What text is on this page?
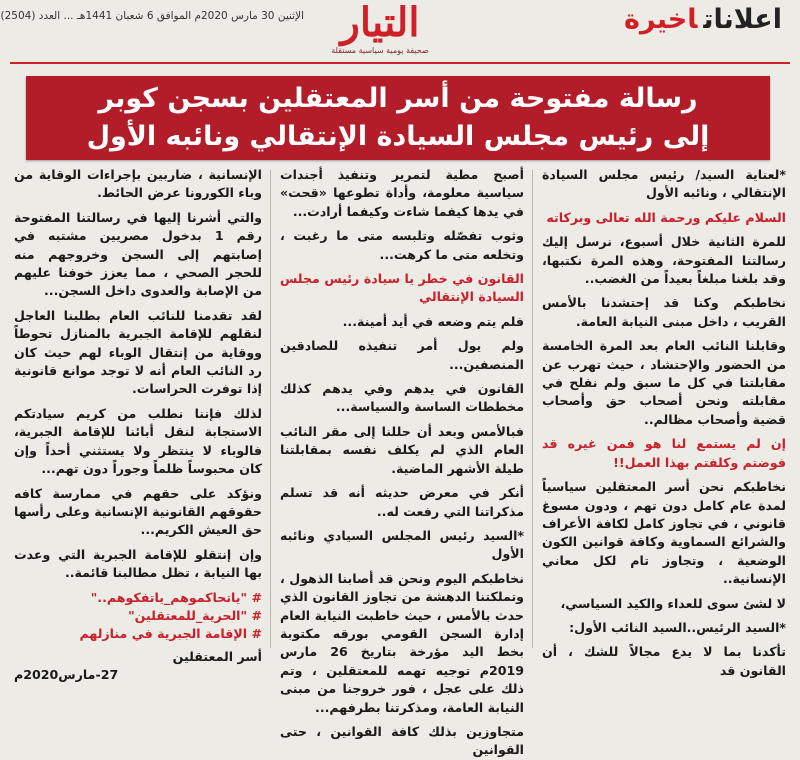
اعلاناتاخيرة
التيار
صحيفة يومية سياسية مستقلة
الإثنين 30 مارس 2020م الموافق 6 شعبان 1441هـ ... العدد (2504)
رسالة مفتوحة من أسر المعتقلين بسجن كوبر
إلى رئيس مجلس السيادة الإنتقالي ونائبه الأول

*لعناية السيد/ رئيس مجلس السيادة الإنتقالي ، ونائبه الأول

السلام عليكم ورحمة الله تعالى وبركاته

للمرة الثانية خلال أسبوع، نرسل إليك رسالتنا المفتوحة، وهذه المرة نكتبها، وقد بلغنا مبلغاً بعيداً من الغضب..

نخاطبكم وكنا قد إحتشدنا بالأمس القريب ، داخل مبنى النيابة العامة.

وقابلنا النائب العام بعد المرة الخامسة من الحضور والإحتشاد ، حيث تهرب عن مقابلتنا في كل ما سبق ولم نفلح في مقابلته ونحن أصحاب حق وأصحاب قضية وأصحاب مظالم..

إن لم يستمع لنا هو فمن غيره قد فوضتم وكلفتم بهذا العمل!!

نخاطبكم نحن أسر المعتقلين سياسياً لمدة عام كامل دون تهم ، ودون مسوغ قانوني ، في تجاوز كامل لكافة الأعراف والشرائع السماوية وكافة قوانين الكون الوضعية ، وتجاوز تام لكل معاني الإنسانية..

لا لشئ سوى للعداء والكيد السياسي،

*السيد الرئيس..السيد النائب الأول:

تأكدنا بما لا يدع مجالاً للشك ، أن القانون قد

أصبح مطية لتمرير وتنفيذ أجندات سياسية معلومة، وأداة تطوعها «قحت» في يدها كيفما شاءت وكيفما أرادت...

وثوب تفصّله وتلبسه متى ما رغبت ، وتخلعه متى ما كرهت...

القانون في خطر يا سيادة رئيس مجلس السيادة الإنتقالي

فلم يتم وضعه في أيد أمينة...

ولم يول أمر تنفيذه للصادقين المنصفين...

القانون في يدهم وفي يدهم كذلك مخططات الساسة والسياسة...

فبالأمس وبعد أن حللنا إلى مقر النائب العام الذي لم يكلف نفسه بمقابلتنا طيلة الأشهر الماضية.

أنكر في معرض حديثه أنه قد تسلم مذكراتنا التي رفعت له..

*السيد رئيس المجلس السيادي ونائبه الأول

نخاطبكم اليوم ونحن قد أصابنا الذهول ، وتملكتنا الدهشة من تجاوز القانون الذي حدث بالأمس ، حيث خاطبت النيابة العام إدارة السجن القومي بورقه مكتوبة بخط اليد مؤرخة بتاريخ 26 مارس 2019م توجيه تهمه للمعتقلين ، وتم ذلك على عجل ، فور خروجنا من مبنى النيابة العامة، ومذكرتنا بطرفهم...

متجاوزين بذلك كافة القوانين ، حتى القوانين

الإنسانية ، ضاربين بإجراءات الوقاية من وباء الكورونا عرض الحائط.

والتي أشرنا إليها في رسالتنا المفتوحة رقم 1 بدخول مصريين مشتبه في إصابتهم إلى السجن وخروجهم منه للحجر الصحي ، مما يعزز خوفنا عليهم من الإصابة والعدوى داخل السجن...

لقد تقدمنا للنائب العام بطلبنا العاجل لنقلهم للإقامة الجبرية بالمنازل تحوطاً ووقاية من إنتقال الوباء لهم حيث كان رد النائب العام أنه لا توجد موانع قانونية إذا توفرت الحراسات.

لذلك فإننا نطلب من كريم سيادتكم الاستجابة لنقل أبائنا للإقامة الجبرية، فالوباء لا ينتظر ولا يستثني أحداً وإن كان محبوساً ظلماً وجوراً دون تهم...

ونؤكد على حقهم في ممارسة كافه حقوقهم القانونية الإنسانية وعلى رأسها حق العيش الكريم...

وإن إنتقلو للإقامة الجبرية التي وعدت بها النيابة ، تظل مطالبنا قائمة..

# "ياتحاكموهم_ياتفكوهم.."

# "الحرية_للمعتقلين"

# الإقامة الجبرية في منازلهم

أسر المعتقلين
27-مارس2020م
